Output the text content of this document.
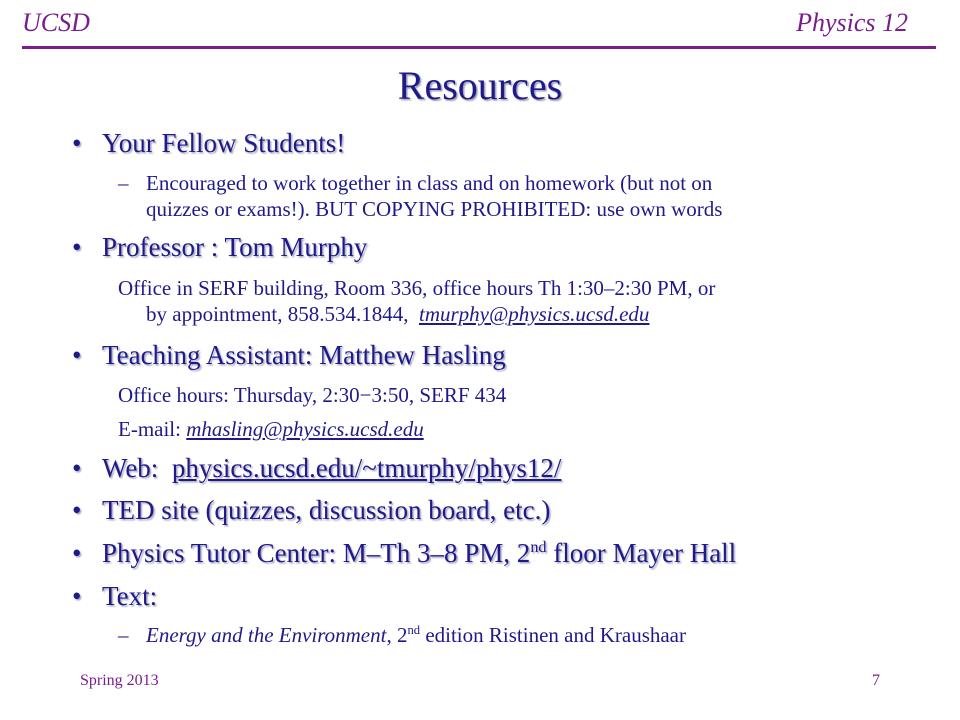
UCSD	Physics 12
Resources
• Your Fellow Students!
– Encouraged to work together in class and on homework (but not on
quizzes or exams!). BUT COPYING PROHIBITED: use own words
• Professor : Tom Murphy
Office in SERF building, Room 336, office hours Th 1:30–2:30 PM, or
by appointment, 858.534.1844, tmurphy@physics.ucsd.edu
• Teaching Assistant: Matthew Hasling
Office hours: Thursday, 2:30−3:50, SERF 434
E-mail: mhasling@physics.ucsd.edu
• Web: physics.ucsd.edu/~tmurphy/phys12/
• TED site (quizzes, discussion board, etc.)
• Physics Tutor Center: M–Th 3–8 PM, 2nd floor Mayer Hall
• Text:
– Energy and the Environment, 2nd edition Ristinen and Kraushaar
Spring 2013	7
